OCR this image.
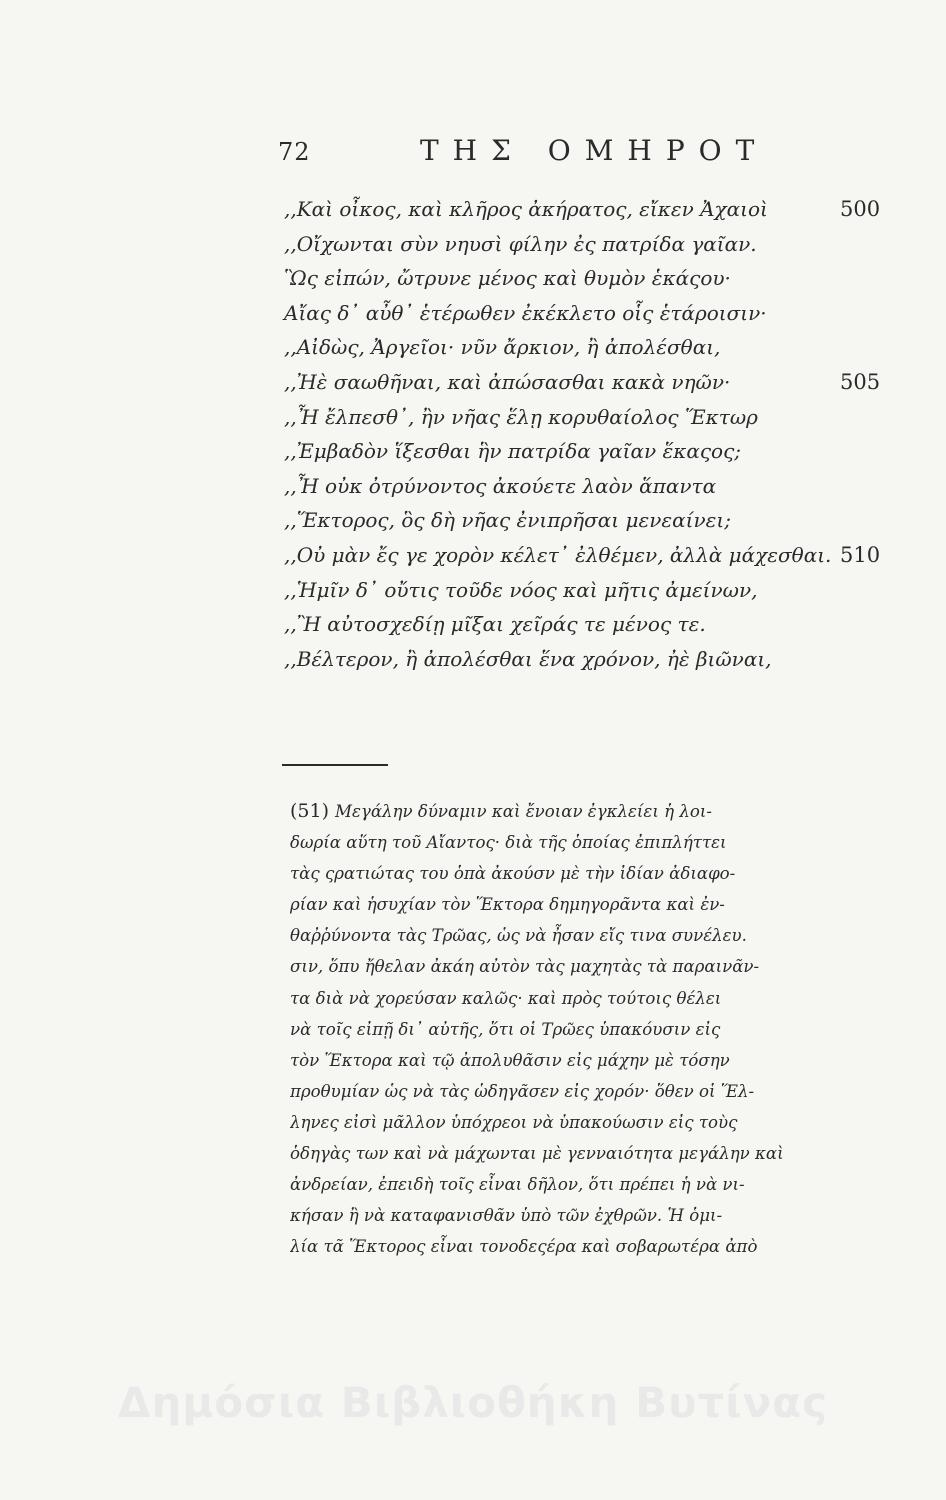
72	ΤΗΣ ΟΜΗΡΟΤ
,,Καὶ οἶκος, καὶ κλῆρος ἀκήρατος, εἴκεν Ἀχαιοὶ	500
,,Οἴχωνται σὺν νηυσὶ φίλην ἐς πατρίδα γαῖαν.
Ὣς εἰπών, ὤτρυνε μένος καὶ θυμὸν ἑκάςου·
Αἴας δ᾽ αὖθ᾽ ἑτέρωθεν ἐκέκλετο οἷς ἑτάροισιν·
,,Αἰδὼς, Ἀργεῖοι· νῦν ἄρκιον, ἢ ἀπολέσθαι,
,,Ἠὲ σαωθῆναι, καὶ ἀπώσασθαι κακὰ νηῶν·	505
,,Ἦ ἔλπεσθ᾽, ἢν νῆας ἕλῃ κορυθαίολος Ἕκτωρ
,,Ἐμβαδὸν ἵξεσθαι ἣν πατρίδα γαῖαν ἕκαςος;
,,Ἦ οὐκ ὀτρύνοντος ἀκούετε λαὸν ἅπαντα
,,Ἕκτορος, ὃς δὴ νῆας ἐνιπρῆσαι μενεαίνει;
,,Οὐ μὰν ἔς γε χορὸν κέλετ᾽ ἐλθέμεν, ἀλλὰ μάχεσθαι. 510
,,Ἡμῖν δ᾽ οὔτις τοῦδε νόος καὶ μῆτις ἀμείνων,
,,Ἢ αὐτοσχεδίῃ μῖξαι χεῖράς τε μένος τε.
,,Βέλτερον, ἢ ἀπολέσθαι ἕνα χρόνον, ἠὲ βιῶναι,
(51) Μεγάλην δύναμιν καὶ ἔνοιαν ἐγκλείει ἡ λοι-
δωρία αὕτη τοῦ Αἴαντος· διὰ τῆς ὁποίας ἐπιπλήττει
τὰς ςρατιώτας του ὁπὰ ἀκούσν μὲ τὴν ἰδίαν ἀδιαφο-
ρίαν καὶ ἡσυχίαν τὸν Ἕκτορα δημηγορᾶντα καὶ ἐν-
θαῤῥύνοντα τὰς Τρῶας, ὡς νὰ ἦσαν εἴς τινα συνέλευ.
σιν, ὅπυ ἤθελαν ἀκάη αὐτὸν τὰς μαχητὰς τὰ παραινᾶν-
τα διὰ νὰ χορεύσαν καλῶς· καὶ πρὸς τούτοις θέλει
νὰ τοῖς εἰπῇ δι᾽ αὐτῆς, ὅτι οἱ Τρῶες ὑπακόυσιν εἰς
τὸν Ἕκτορα καὶ τῷ ἀπολυθᾶσιν εἰς μάχην μὲ τόσην
προθυμίαν ὡς νὰ τὰς ὡδηγᾶσεν εἰς χορόν· ὅθεν οἱ Ἕλ-
ληνες εἰσὶ μᾶλλον ὑπόχρεοι νὰ ὑπακούωσιν εἰς τοὺς
ὁδηγὰς των καὶ νὰ μάχωνται μὲ γενναιότητα μεγάλην καὶ
ἀνδρείαν, ἐπειδὴ τοῖς εἶναι δῆλον, ὅτι πρέπει ἡ νὰ νι-
κήσαν ἢ νὰ καταφανισθᾶν ὑπὸ τῶν ἐχθρῶν. Ἡ ὁμι-
λία τᾶ Ἕκτορος εἶναι τονοδεςέρα καὶ σοβαρωτέρα ἀπὸ
Δημόσια Βιβλιοθήκη Βυτίνας
